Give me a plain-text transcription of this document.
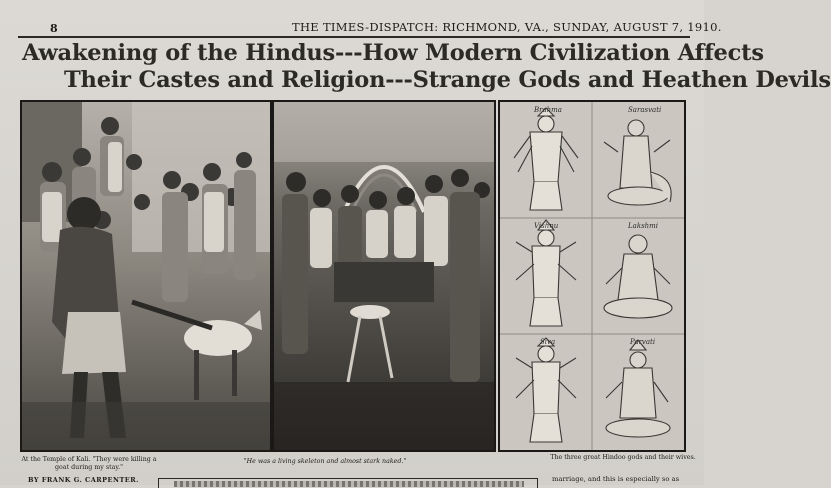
8	THE TIMES-DISPATCH: RICHMOND, VA., SUNDAY, AUGUST 7, 1910.
Awakening of the Hindus---How Modern Civilization Affects
Their Castes and Religion---Strange Gods and Heathen Devils
Brahma	Sarasvati
Vishnu	Lakshmi
Siva	Parvati
At the Temple of Kali. "They were killing a goat during my stay."
"He was a living skeleton and almost stark naked."
The three great Hindoo gods and their wives.
BY FRANK G. CARPENTER.	marriage, and this is especially so as
